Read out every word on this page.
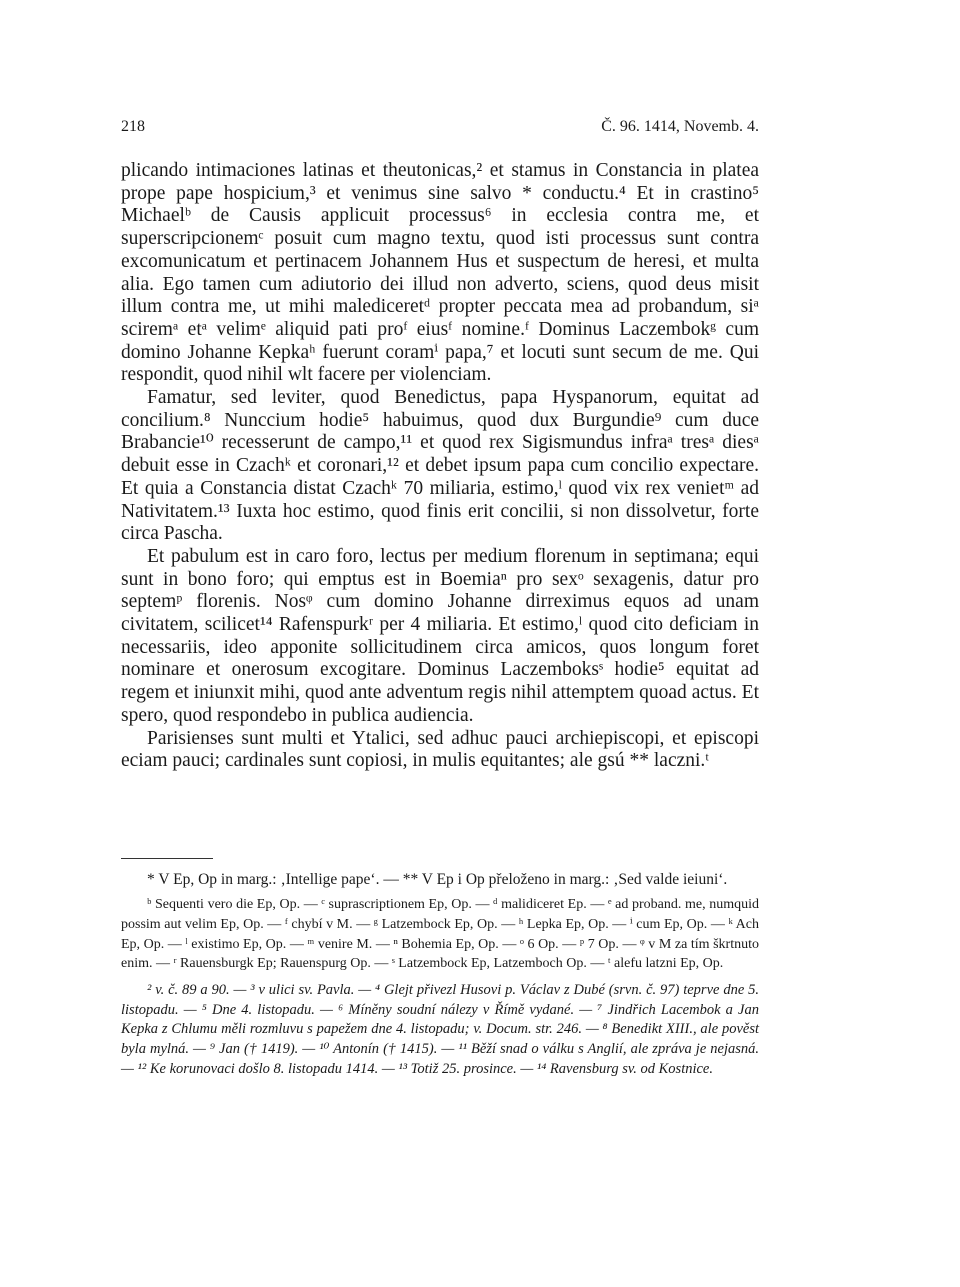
218	Č. 96. 1414, Novemb. 4.

plicando intimaciones latinas et theutonicas,² et stamus in Constancia in platea prope pape hospicium,³ et venimus sine salvo * conductu.⁴ Et in crastino⁵ Michaelᵇ de Causis applicuit processus⁶ in ecclesia contra me, et superscripcionemᶜ posuit cum magno textu, quod isti processus sunt contra excomunicatum et pertinacem Johannem Hus et suspectum de heresi, et multa alia. Ego tamen cum adiutorio dei illud non adverto, sciens, quod deus misit illum contra me, ut mihi malediceretᵈ propter peccata mea ad probandum, siᵃ sciremᵃ etᵃ velimᵉ aliquid pati proᶠ eiusᶠ nomine.ᶠ Dominus Laczembokᵍ cum domino Johanne Kepkaʰ fuerunt coramⁱ papa,⁷ et locuti sunt secum de me. Qui respondit, quod nihil wlt facere per violenciam.

Famatur, sed leviter, quod Benedictus, papa Hyspanorum, equitat ad concilium.⁸ Nunccium hodie⁵ habuimus, quod dux Burgundie⁹ cum duce Brabancie¹⁰ recesserunt de campo,¹¹ et quod rex Sigismundus infraᵃ tresᵃ diesᵃ debuit esse in Czachᵏ et coronari,¹² et debet ipsum papa cum concilio expectare. Et quia a Constancia distat Czachᵏ 70 miliaria, estimo,ˡ quod vix rex venietᵐ ad Nativitatem.¹³ Iuxta hoc estimo, quod finis erit concilii, si non dissolvetur, forte circa Pascha.

Et pabulum est in caro foro, lectus per medium florenum in septimana; equi sunt in bono foro; qui emptus est in Boemiaⁿ pro sexᵒ sexagenis, datur pro septemᵖ florenis. Nosᵠ cum domino Johanne dirreximus equos ad unam civitatem, scilicet¹⁴ Rafenspurkʳ per 4 miliaria. Et estimo,ˡ quod cito deficiam in necessariis, ideo apponite sollicitudinem circa amicos, quos longum foret nominare et onerosum excogitare. Dominus Laczemboksˢ hodie⁵ equitat ad regem et iniunxit mihi, quod ante adventum regis nihil attemptem quoad actus. Et spero, quod respondebo in publica audiencia.

Parisienses sunt multi et Ytalici, sed adhuc pauci archiepiscopi, et episcopi eciam pauci; cardinales sunt copiosi, in mulis equitantes; ale gsú ** laczni.ᵗ

* V Ep, Op in marg.: ‚Intellige pape‘. — ** V Ep i Op přeloženo in marg.: ‚Sed valde ieiuni‘.

ᵇ Sequenti vero die Ep, Op. — ᶜ suprascriptionem Ep, Op. — ᵈ malidiceret Ep. — ᵉ ad proband. me, numquid possim aut velim Ep, Op. — ᶠ chybí v M. — ᵍ Latzembock Ep, Op. — ʰ Lepka Ep, Op. — ⁱ cum Ep, Op. — ᵏ Ach Ep, Op. — ˡ existimo Ep, Op. — ᵐ venire M. — ⁿ Bohemia Ep, Op. — ᵒ 6 Op. — ᵖ 7 Op. — ᵠ v M za tím škrtnuto enim. — ʳ Rauensburgk Ep; Rauenspurg Op. — ˢ Latzembock Ep, Latzemboch Op. — ᵗ alefu latzni Ep, Op.

² v. č. 89 a 90. — ³ v ulici sv. Pavla. — ⁴ Glejt přivezl Husovi p. Václav z Dubé (srvn. č. 97) teprve dne 5. listopadu. — ⁵ Dne 4. listopadu. — ⁶ Míněny soudní nálezy v Římě vydané. — ⁷ Jindřich Lacembok a Jan Kepka z Chlumu měli rozmluvu s papežem dne 4. listopadu; v. Docum. str. 246. — ⁸ Benedikt XIII., ale pověst byla mylná. — ⁹ Jan († 1419). — ¹⁰ Antonín († 1415). — ¹¹ Běží snad o válku s Anglií, ale zpráva je nejasná. — ¹² Ke korunovaci došlo 8. listopadu 1414. — ¹³ Totiž 25. prosince. — ¹⁴ Ravensburg sv. od Kostnice.
